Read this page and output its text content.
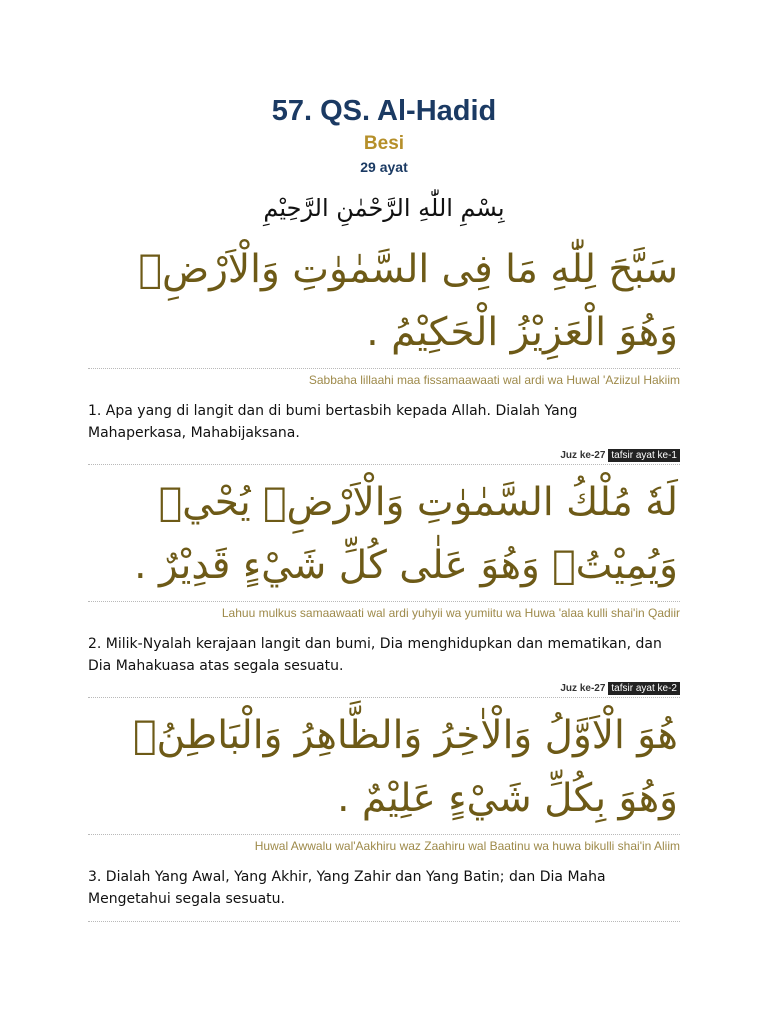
57. QS. Al-Hadid
Besi
29 ayat
بِسْمِ اللّٰهِ الرَّحْمٰنِ الرَّحِيْمِ
سَبَّحَ لِلّٰهِ مَا فِى السَّمٰوٰتِ وَالْاَرْضِۚ وَهُوَ الْعَزِيْزُ الْحَكِيْمُ .
Sabbaha lillaahi maa fissamaawaati wal ardi wa Huwal 'Aziizul Hakiim
1. Apa yang di langit dan di bumi bertasbih kepada Allah. Dialah Yang Mahaperkasa, Mahabijaksana.
Juz ke-27 tafsir ayat ke-1
لَهٗ مُلْكُ السَّمٰوٰتِ وَالْاَرْضِۚ يُحْيٖ وَيُمِيْتُۚ وَهُوَ عَلٰى كُلِّ شَيْءٍ قَدِيْرٌ .
Lahuu mulkus samaawaati wal ardi yuhyii wa yumiitu wa Huwa 'alaa kulli shai'in Qadiir
2. Milik-Nyalah kerajaan langit dan bumi, Dia menghidupkan dan mematikan, dan Dia Mahakuasa atas segala sesuatu.
Juz ke-27 tafsir ayat ke-2
هُوَ الْاَوَّلُ وَالْاٰخِرُ وَالظَّاهِرُ وَالْبَاطِنُۚ وَهُوَ بِكُلِّ شَيْءٍ عَلِيْمٌ .
Huwal Awwalu wal'Aakhiru waz Zaahiru wal Baatinu wa huwa bikulli shai'in Aliim
3. Dialah Yang Awal, Yang Akhir, Yang Zahir dan Yang Batin; dan Dia Maha Mengetahui segala sesuatu.
